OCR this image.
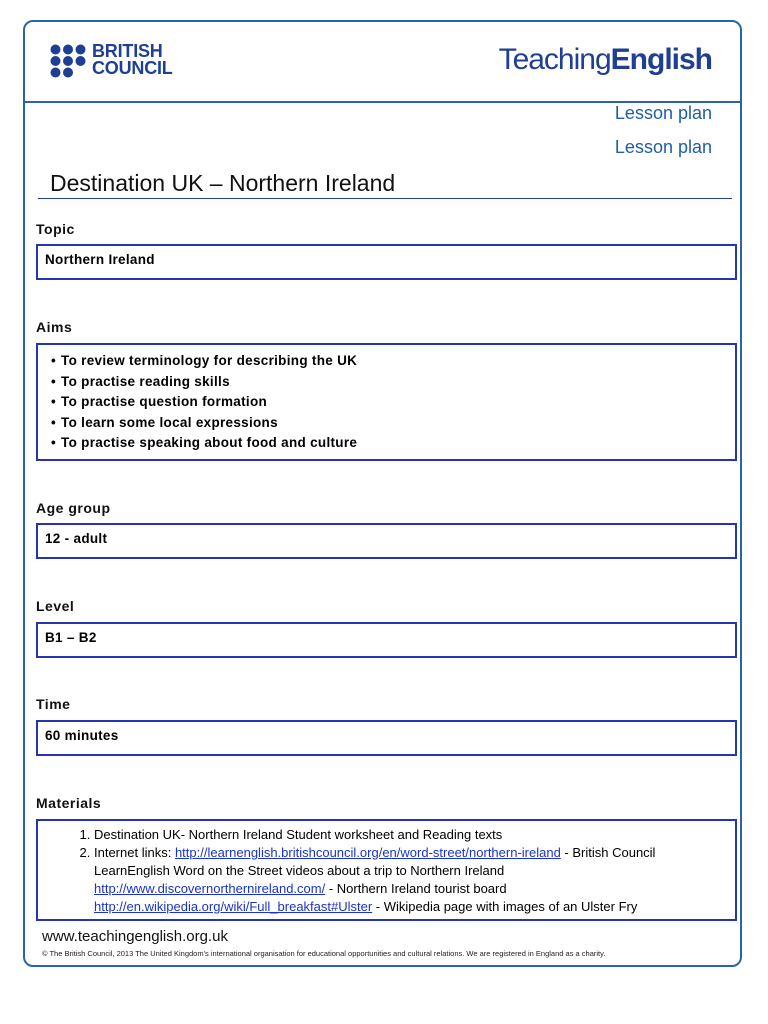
BRITISH
COUNCIL	TeachingEnglish
Lesson plan
Lesson plan
Destination UK – Northern Ireland
Topic
Northern Ireland
Aims
• To review terminology for describing the UK
• To practise reading skills
• To practise question formation
• To learn some local expressions
• To practise speaking about food and culture
Age group
12 - adult
Level
B1 – B2
Time
60 minutes
Materials
1. Destination UK- Northern Ireland Student worksheet and Reading texts
2. Internet links: http://learnenglish.britishcouncil.org/en/word-street/northern-ireland - British Council LearnEnglish Word on the Street videos about a trip to Northern Ireland
http://www.discovernorthernireland.com/ - Northern Ireland tourist board
http://en.wikipedia.org/wiki/Full_breakfast#Ulster - Wikipedia page with images of an Ulster Fry
www.teachingenglish.org.uk
© The British Council, 2013 The United Kingdom's international organisation for educational opportunities and cultural relations. We are registered in England as a charity.
